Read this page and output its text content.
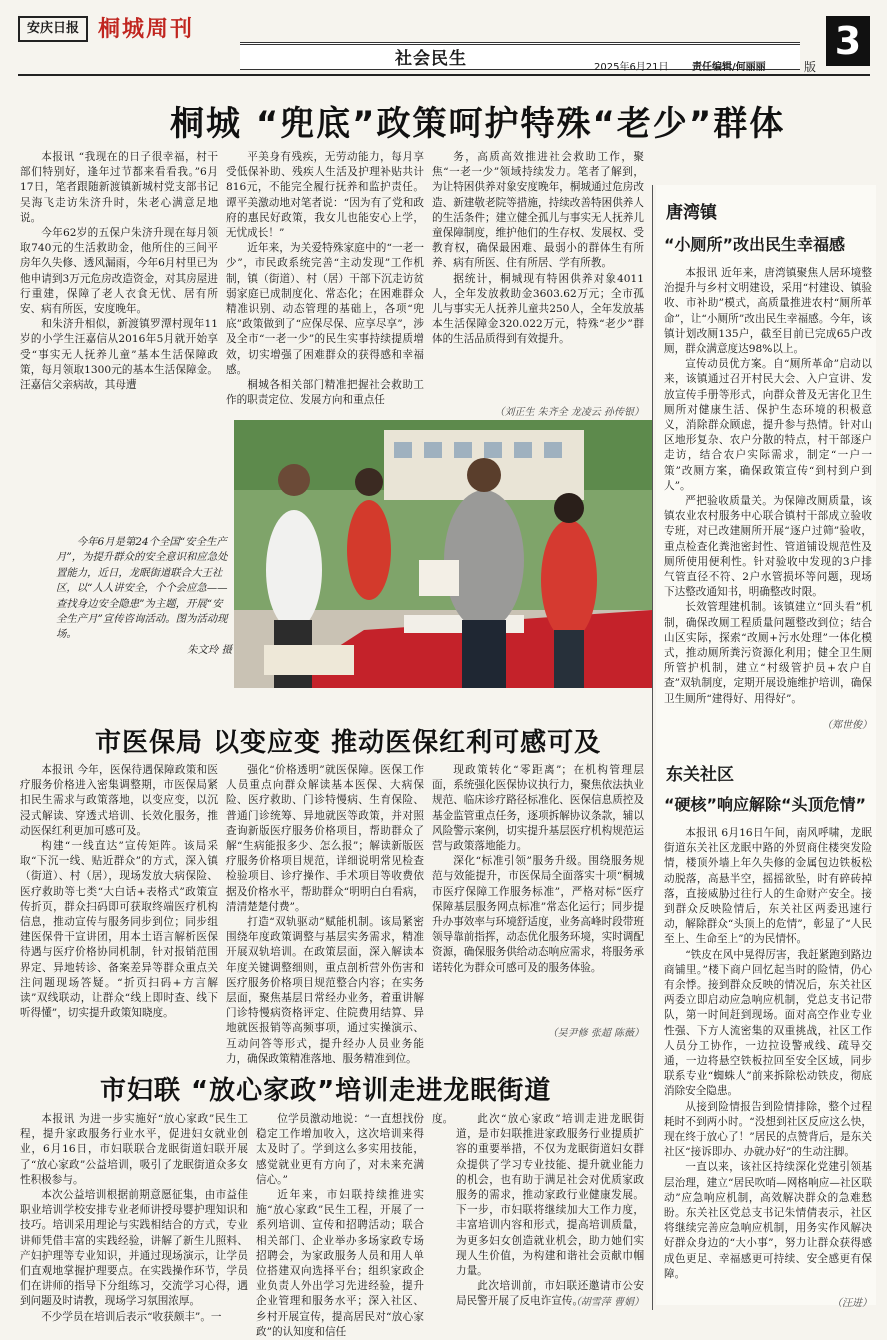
安庆日报 桐城周刊
社会民生	2025年6月21日 责任编辑/何丽丽	版
3
桐城 “兜底”政策呵护特殊“老少”群体

本报讯 “我现在的日子很幸福，村干部们特别好，逢年过节都来看看我。”6月17日，笔者跟随新渡镇新城村党支部书记吴海飞走访朱济升时，朱老心满意足地说。

今年62岁的五保户朱济升现在每月领取740元的生活救助金，他所住的三间平房年久失修、透风漏雨，今年6月村里已为他申请到3万元危房改造资金，对其房屋进行重建，保障了老人衣食无忧、居有所安、病有所医，安度晚年。

和朱济升相似，新渡镇罗潭村现年11岁的小学生汪嘉信从2016年5月就开始享受“事实无人抚养儿童”基本生活保障政策，每月领取1300元的基本生活保障金。汪嘉信父亲病故，其母遭

平美身有残疾，无劳动能力，每月享受低保补助、残疾人生活及护理补贴共计816元，不能完全履行抚养和监护责任。谭平美激动地对笔者说：“因为有了党和政府的惠民好政策，我女儿也能安心上学，无忧成长！”

近年来，为关爱特殊家庭中的“一老一少”，市民政系统完善“主动发现”工作机制，镇（街道）、村（居）干部下沉走访贫弱家庭已成制度化、常态化；在困难群众精准识别、动态管理的基础上，各项“兜底”政策做到了“应保尽保、应享尽享”，涉及全市“一老一少”的民生实事持续提质增效，切实增强了困难群众的获得感和幸福感。

桐城各相关部门精准把握社会救助工作的职责定位、发展方向和重点任

务，高质高效推进社会救助工作，聚焦“一老一少”领域持续发力。笔者了解到，为让特困供养对象安度晚年，桐城通过危房改造、新建敬老院等措施，持续改善特困供养人的生活条件；建立健全孤儿与事实无人抚养儿童保障制度，维护他们的生存权、发展权、受教育权，确保最困难、最弱小的群体生有所养、病有所医、住有所居、学有所教。

据统计，桐城现有特困供养对象4011人，全年发放救助金3603.62万元；全市孤儿与事实无人抚养儿童共250人，全年发放基本生活保障金320.022万元，特殊“老少”群体的生活品质得到有效提升。

（刘正生 朱齐全 龙凌云 孙传银）

今年6月是第24个全国“安全生产月”，为提升群众的安全意识和应急处置能力，近日，龙眠街道联合大王社区，以“人人讲安全，个个会应急——查找身边安全隐患”为主题，开展“安全生产月”宣传咨询活动。图为活动现场。

朱文玲 摄
市医保局 以变应变 推动医保红利可感可及

本报讯 今年，医保待遇保障政策和医疗服务价格进入密集调整期，市医保局紧扣民生需求与政策落地，以变应变，以沉浸式解读、穿透式培训、长效化服务，推动医保红利更加可感可及。

构建“一线直达”宣传矩阵。该局采取“下沉一线、贴近群众”的方式，深入镇（街道）、村（居），现场发放大病保险、医疗救助等七类“大白话+表格式”政策宣传折页，群众扫码即可获取终端医疗机构信息，推动宣传与服务同步到位；同步组建医保骨干宣讲团，用本土语言解析医保待遇与医疗价格协同机制，针对报销范围界定、异地转诊、备案差异等群众重点关注问题现场答疑。“折页扫码+方言解读”双线联动，让群众“线上即时查、线下听得懂”，切实提升政策知晓度。

强化“价格透明”就医保障。医保工作人员重点向群众解读基本医保、大病保险、医疗救助、门诊特慢病、生育保险、普通门诊统筹、异地就医等政策，并对照查询新版医疗服务价格项目，帮助群众了解“生病能报多少、怎么报”；解读新版医疗服务价格项目规范，详细说明常见检查检验项目、诊疗操作、手术项目等收费依据及价格水平，帮助群众“明明白白看病，清清楚楚付费”。

打造“双轨驱动”赋能机制。该局紧密围绕年度政策调整与基层实务需求，精准开展双轨培训。在政策层面，深入解读本年度关键调整细则，重点剖析营外伤害和医疗服务价格项目规范整合内容；在实务层面，聚焦基层日常经办业务，着重讲解门诊特慢病资格评定、住院费用结算、异地就医报销等高频事项，通过实操演示、互动问答等形式，提升经办人员业务能力，确保政策精准落地、服务精准到位。

现政策转化“零距离”；在机构管理层面，系统强化医保协议执行力，聚焦依法执业规范、临床诊疗路径标准化、医保信息质控及基金监管重点任务，逐项拆解协议条款，辅以风险警示案例，切实提升基层医疗机构规范运营与政策落地能力。

深化“标准引领”服务升级。围绕服务规范与效能提升，市医保局全面落实十项“桐城市医疗保障工作服务标准”，严格对标“医疗保障基层服务网点标准”常态化运行；同步提升办事效率与环境舒适度，业务高峰时段带班领导靠前指挥，动态优化服务环境，实时调配资源，确保服务供给动态响应需求，将服务承诺转化为群众可感可及的服务体验。

（吴尹修 张超 陈薇）
市妇联 “放心家政”培训走进龙眠街道

本报讯 为进一步实施好“放心家政”民生工程，提升家政服务行业水平，促进妇女就业创业，6月16日，市妇联联合龙眠街道妇联开展了“放心家政”公益培训，吸引了龙眠街道众多女性积极参与。

本次公益培训根据前期意愿征集，由市益佳职业培训学校安排专业老师讲授母婴护理知识和技巧。培训采用理论与实践相结合的方式，专业讲师凭借丰富的实践经验，讲解了新生儿照料、产妇护理等专业知识，并通过现场演示，让学员们直观地掌握护理要点。在实践操作环节，学员们在讲师的指导下分组练习，交流学习心得，遇到问题及时请教，现场学习氛围浓厚。

不少学员在培训后表示“收获颇丰”。一

位学员激动地说：“一直想找份稳定工作增加收入，这次培训来得太及时了。学到这么多实用技能，感觉就业更有方向了，对未来充满信心。”

近年来，市妇联持续推进实施“放心家政”民生工程，开展了一系列培训、宣传和招聘活动；联合相关部门、企业举办多场家政专场招聘会，为家政服务人员和用人单位搭建双向选择平台；组织家政企业负责人外出学习先进经验，提升企业管理和服务水平；深入社区、乡村开展宣传，提高居民对“放心家政”的认知度和信任

度。	此次“放心家政”培训走进龙眠街道，是市妇联推进家政服务行业提质扩容的重要举措，不仅为龙眠街道妇女群众提供了学习专业技能、提升就业能力的机会，也有助于满足社会对优质家政服务的需求，推动家政行业健康发展。下一步，市妇联将继续加大工作力度，丰富培训内容和形式，提高培训质量，为更多妇女创造就业机会，助力她们实现人生价值，为构建和谐社会贡献巾帼力量。

此次培训前，市妇联还邀请市公安局民警开展了反电诈宣传。

（胡雪萍 曹娟）
唐湾镇
“小厕所”改出民生幸福感

本报讯 近年来，唐湾镇聚焦人居环境整治提升与乡村文明建设，采用“村建设、镇验收、市补助”模式，高质量推进农村“厕所革命”，让“小厕所”改出民生幸福感。今年，该镇计划改厕135户，截至目前已完成65户改厕，群众满意度达98%以上。

宣传动员优方案。自“厕所革命”启动以来，该镇通过召开村民大会、入户宣讲、发放宣传手册等形式，向群众普及无害化卫生厕所对健康生活、保护生态环境的积极意义，消除群众顾虑，提升参与热情。针对山区地形复杂、农户分散的特点，村干部逐户走访，结合农户实际需求，制定“一户一策”改厕方案，确保政策宣传“到村到户到人”。

严把验收质量关。为保障改厕质量，该镇农业农村服务中心联合镇村干部成立验收专班，对已改建厕所开展“逐户过筛”验收，重点检查化粪池密封性、管道铺设规范性及厕所使用便利性。针对验收中发现的3户排气管直径不符、2户水管损坏等问题，现场下达整改通知书，明确整改时限。

长效管理建机制。该镇建立“回头看”机制，确保改厕工程质量问题整改到位；结合山区实际，探索“改厕+污水处理”一体化模式，推动厕所粪污资源化利用；健全卫生厕所管护机制，建立“村级管护员+农户自查”双轨制度，定期开展设施维护培训，确保卫生厕所“建得好、用得好”。

（郑世俊）
东关社区
“硬核”响应解除“头顶危情”

本报讯 6月16日午间，南风呼啸，龙眠街道东关社区龙眠中路的外贸商住楼突发险情，楼顶外墙上年久失修的金属包边铁板松动脱落，高悬半空，摇摇欲坠，时有碎砖掉落，直接威胁过往行人的生命财产安全。接到群众反映险情后，东关社区两委迅速行动，解除群众“头顶上的危情”，彰显了“人民至上、生命至上”的为民情怀。

“铁皮在风中晃得厉害，我赶紧跑到路边商铺里。”楼下商户回忆起当时的险情，仍心有余悸。接到群众反映的情况后，东关社区两委立即启动应急响应机制，党总支书记带队，第一时间赶到现场。面对高空作业专业性强、下方人流密集的双重挑战，社区工作人员分工协作，一边拉设警戒线、疏导交通，一边将悬空铁板拉回至安全区域，同步联系专业“蜘蛛人”前来拆除松动铁皮，彻底消除安全隐患。

从接到险情报告到险情排除，整个过程耗时不到两小时。“没想到社区反应这么快，现在终于放心了！”居民的点赞背后，是东关社区“接诉即办、办就办好”的生动注脚。

一直以来，该社区持续深化党建引领基层治理，建立“居民吹哨—网格响应—社区联动”应急响应机制，高效解决群众的急难愁盼。东关社区党总支书记朱情倩表示，社区将继续完善应急响应机制，用务实作风解决好群众身边的“大小事”，努力让群众获得感成色更足、幸福感更可持续、安全感更有保障。

（汪进）
